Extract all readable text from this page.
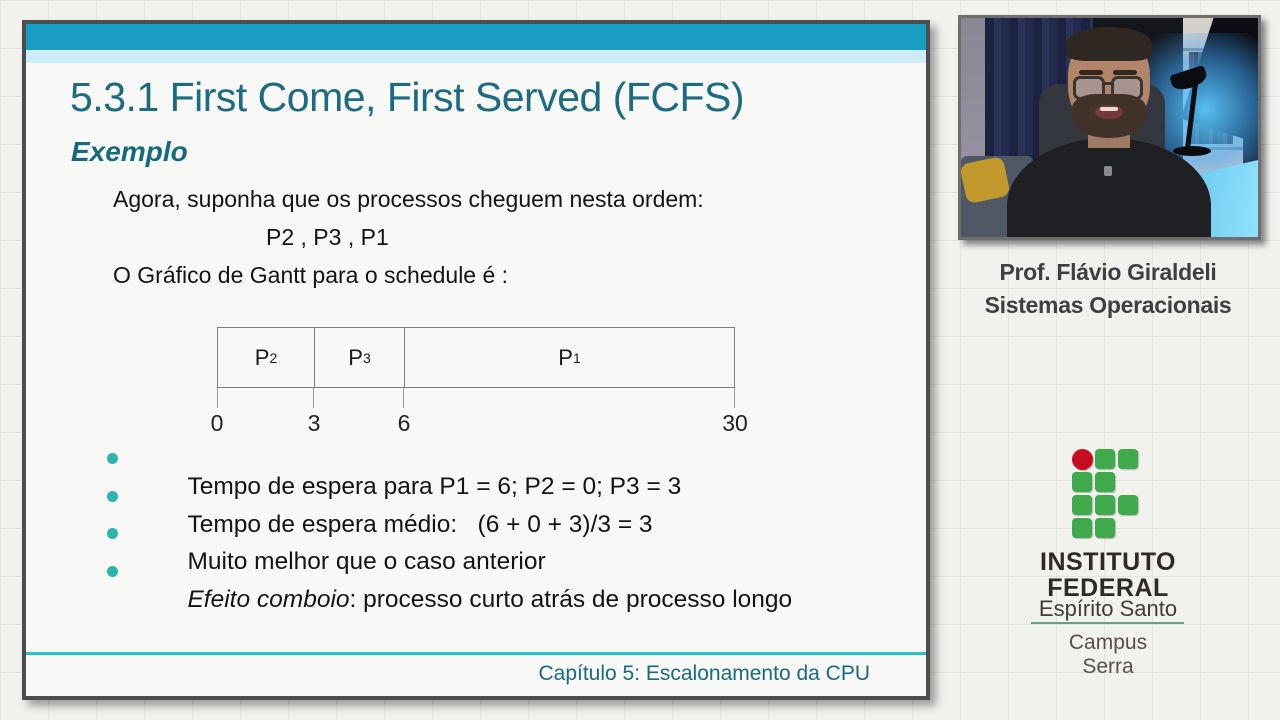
5.3.1 First Come, First Served (FCFS)
Exemplo
Agora, suponha que os processos cheguem nesta ordem:
P2 , P3 , P1
O Gráfico de Gantt para o schedule é :
P 2	P 3	P 1
0	3	6	30

Tempo de espera para P1 = 6; P2 = 0; P3 = 3

Tempo de espera médio:   (6 + 0 + 3)/3 = 3

Muito melhor que o caso anterior

Efeito comboio: processo curto atrás de processo longo

Capítulo 5: Escalonamento da CPU
Prof. Flávio Giraldeli
Sistemas Operacionais
INSTITUTO
FEDERAL
Espírito Santo
Campus
Serra
